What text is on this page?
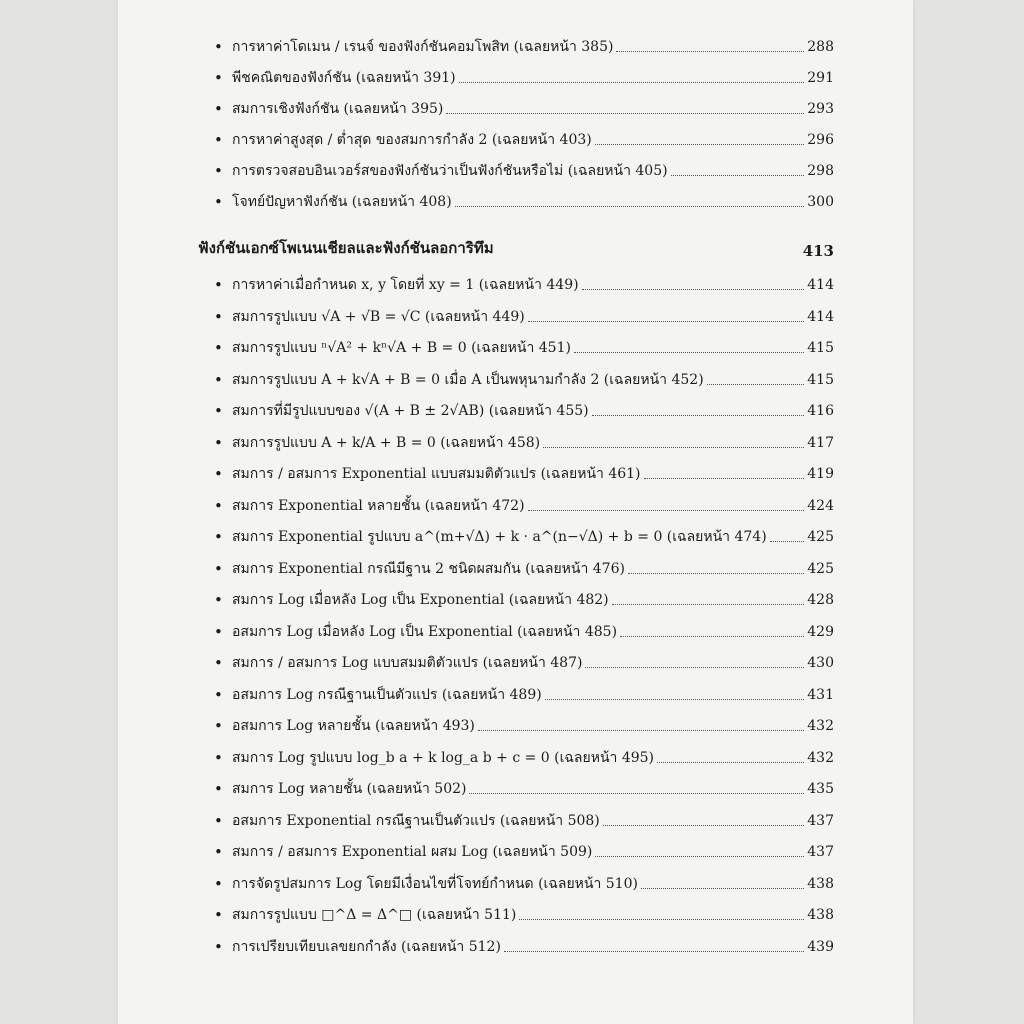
• การหาค่าโดเมน / เรนจ์ ของฟังก์ชันคอมโพสิท (เฉลยหน้า 385)	288
• พีชคณิตของฟังก์ชัน (เฉลยหน้า 391)	291
• สมการเชิงฟังก์ชัน (เฉลยหน้า 395)	293
• การหาค่าสูงสุด / ต่ำสุด ของสมการกำลัง 2 (เฉลยหน้า 403)	296
• การตรวจสอบอินเวอร์สของฟังก์ชันว่าเป็นฟังก์ชันหรือไม่ (เฉลยหน้า 405)	298
• โจทย์ปัญหาฟังก์ชัน (เฉลยหน้า 408)	300
ฟังก์ชันเอกซ์โพเนนเชียลและฟังก์ชันลอการิทึม	413
• การหาค่าเมื่อกำหนด x, y โดยที่ xy = 1 (เฉลยหน้า 449)	414
• สมการรูปแบบ √A + √B = √C (เฉลยหน้า 449)	414
• สมการรูปแบบ ⁿ√A² + kⁿ√A + B = 0 (เฉลยหน้า 451)	415
• สมการรูปแบบ A + k√A + B = 0 เมื่อ A เป็นพหุนามกำลัง 2 (เฉลยหน้า 452)	415
• สมการที่มีรูปแบบของ √(A + B ± 2√AB) (เฉลยหน้า 455)	416
• สมการรูปแบบ A + k/A + B = 0 (เฉลยหน้า 458)	417
• สมการ / อสมการ Exponential แบบสมมติตัวแปร (เฉลยหน้า 461)	419
• สมการ Exponential หลายชั้น (เฉลยหน้า 472)	424
• สมการ Exponential รูปแบบ a^(m+√Δ) + k · a^(n−√Δ) + b = 0 (เฉลยหน้า 474)	425
• สมการ Exponential กรณีมีฐาน 2 ชนิดผสมกัน (เฉลยหน้า 476)	425
• สมการ Log เมื่อหลัง Log เป็น Exponential (เฉลยหน้า 482)	428
• อสมการ Log เมื่อหลัง Log เป็น Exponential (เฉลยหน้า 485)	429
• สมการ / อสมการ Log แบบสมมติตัวแปร (เฉลยหน้า 487)	430
• อสมการ Log กรณีฐานเป็นตัวแปร (เฉลยหน้า 489)	431
• อสมการ Log หลายชั้น (เฉลยหน้า 493)	432
• สมการ Log รูปแบบ log_b a + k log_a b + c = 0 (เฉลยหน้า 495)	432
• สมการ Log หลายชั้น (เฉลยหน้า 502)	435
• อสมการ Exponential กรณีฐานเป็นตัวแปร (เฉลยหน้า 508)	437
• สมการ / อสมการ Exponential ผสม Log (เฉลยหน้า 509)	437
• การจัดรูปสมการ Log โดยมีเงื่อนไขที่โจทย์กำหนด (เฉลยหน้า 510)	438
• สมการรูปแบบ □^Δ = Δ^□ (เฉลยหน้า 511)	438
• การเปรียบเทียบเลขยกกำลัง (เฉลยหน้า 512)	439
